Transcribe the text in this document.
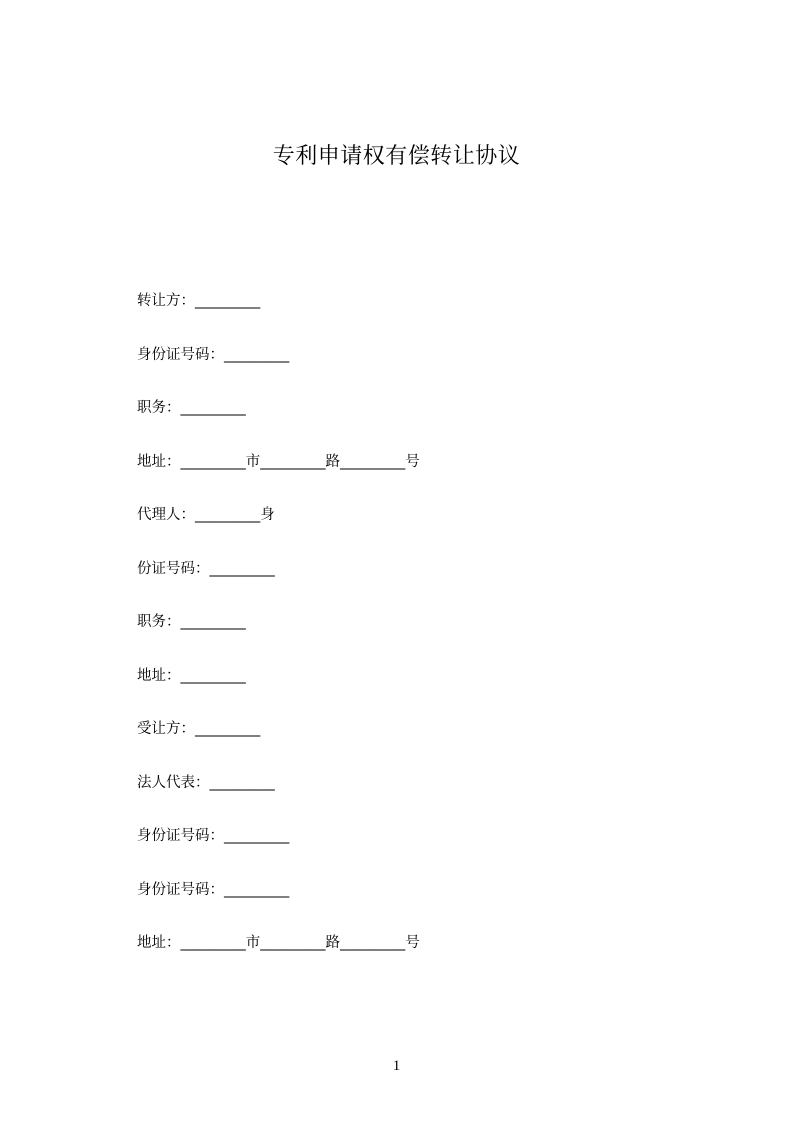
专利申请权有偿转让协议
转让方：_________
身份证号码：_________
职务：_________
地址：_________市_________路_________号
代理人：_________身
份证号码：_________
职务：_________
地址：_________
受让方：_________
法人代表：_________
身份证号码：_________
身份证号码：_________
地址：_________市_________路_________号
1
